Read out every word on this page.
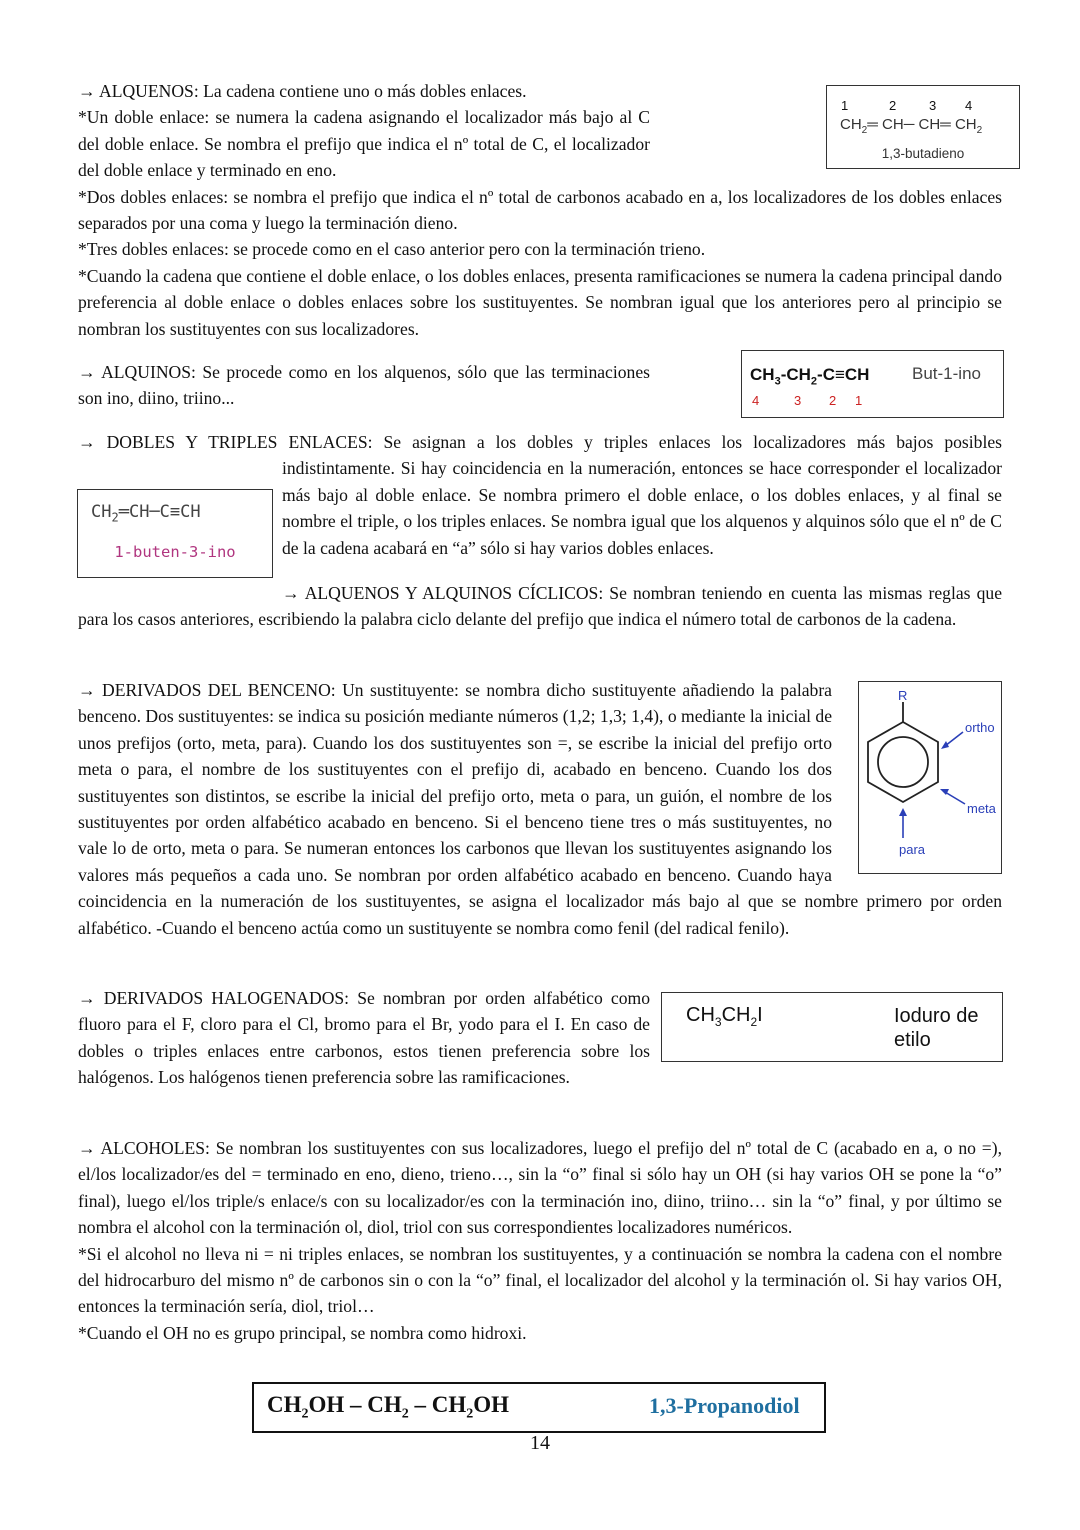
→ ALQUENOS: La cadena contiene uno o más dobles enlaces.
*Un doble enlace: se numera la cadena asignando el localizador más bajo al C del doble enlace. Se nombra el prefijo que indica el nº total de C, el localizador del doble enlace y terminado en eno.
*Dos dobles enlaces: se nombra el prefijo que indica el nº total de carbonos acabado en a, los localizadores de los dobles enlaces separados por una coma y luego la terminación dieno.
*Tres dobles enlaces: se procede como en el caso anterior pero con la terminación trieno.
*Cuando la cadena que contiene el doble enlace, o los dobles enlaces, presenta ramificaciones se numera la cadena principal dando preferencia al doble enlace o dobles enlaces sobre los sustituyentes. Se nombran igual que los anteriores pero al principio se nombran los sustituyentes con sus localizadores.
1	2	3	4
$CH_2═$ CH─ CH═ $CH_2$
1,3-butadieno
→ ALQUINOS: Se procede como en los alquenos, sólo que las terminaciones son ino, diino, triino...
$CH_3-CH_2-C\equiv CH$	But-1-ino
4	3	2	1
→ DOBLES Y TRIPLES ENLACES: Se asignan a los dobles y triples enlaces los localizadores más bajos posibles indistintamente. Si hay coincidencia en la numeración, entonces se hace corresponder el localizador más bajo al doble enlace. Se nombra primero el doble enlace, o los dobles enlaces, y al final se nombre el triple, o los triples enlaces. Se nombra igual que los alquenos y alquinos sólo que el nº de C de la cadena acabará en “a” sólo si hay varios dobles enlaces.
$CH_2═CH─C\equiv CH$
1-buten-3-ino
→ ALQUENOS Y ALQUINOS CÍCLICOS: Se nombran teniendo en cuenta las mismas reglas que para los casos anteriores, escribiendo la palabra ciclo delante del prefijo que indica el número total de carbonos de la cadena.
→ DERIVADOS DEL BENCENO: Un sustituyente: se nombra dicho sustituyente añadiendo la palabra benceno. Dos sustituyentes: se indica su posición mediante números (1,2; 1,3; 1,4), o mediante la inicial de unos prefijos (orto, meta, para). Cuando los dos sustituyentes son =, se escribe la inicial del prefijo orto meta o para, el nombre de los sustituyentes con el prefijo di, acabado en benceno. Cuando los dos sustituyentes son distintos, se escribe la inicial del prefijo orto, meta o para, un guión, el nombre de los sustituyentes por orden alfabético acabado en benceno. Si el benceno tiene tres o más sustituyentes, no vale lo de orto, meta o para. Se numeran entonces los carbonos que llevan los sustituyentes asignando los valores más pequeños a cada uno. Se nombran por orden alfabético acabado en benceno. Cuando haya coincidencia en la numeración de los sustituyentes, se asigna el localizador más bajo al que se nombre primero por orden alfabético. -Cuando el benceno actúa como un sustituyente se nombra como fenil (del radical fenilo).
R
ortho
meta
para
→ DERIVADOS HALOGENADOS: Se nombran por orden alfabético como fluoro para el F, cloro para el Cl, bromo para el Br, yodo para el I. En caso de dobles o triples enlaces entre carbonos, estos tienen preferencia sobre los halógenos. Los halógenos tienen preferencia sobre las ramificaciones.
$CH_3CH_2I$	Ioduro de
etilo
→ ALCOHOLES: Se nombran los sustituyentes con sus localizadores, luego el prefijo del nº total de C (acabado en a, o no =), el/los localizador/es del = terminado en eno, dieno, trieno…, sin la “o” final si sólo hay un OH (si hay varios OH se pone la “o” final), luego el/los triple/s enlace/s con su localizador/es con la terminación ino, diino, triino… sin la “o” final, y por último se nombra el alcohol con la terminación ol, diol, triol con sus correspondientes localizadores numéricos.
*Si el alcohol no lleva ni = ni triples enlaces, se nombran los sustituyentes, y a continuación se nombra la cadena con el nombre del hidrocarburo del mismo nº de carbonos sin o con la “o” final, el localizador del alcohol y la terminación ol. Si hay varios OH, entonces la terminación sería, diol, triol…
*Cuando el OH no es grupo principal, se nombra como hidroxi.
$CH_2OH - CH_2 - CH_2OH$	1,3-Propanodiol
14
